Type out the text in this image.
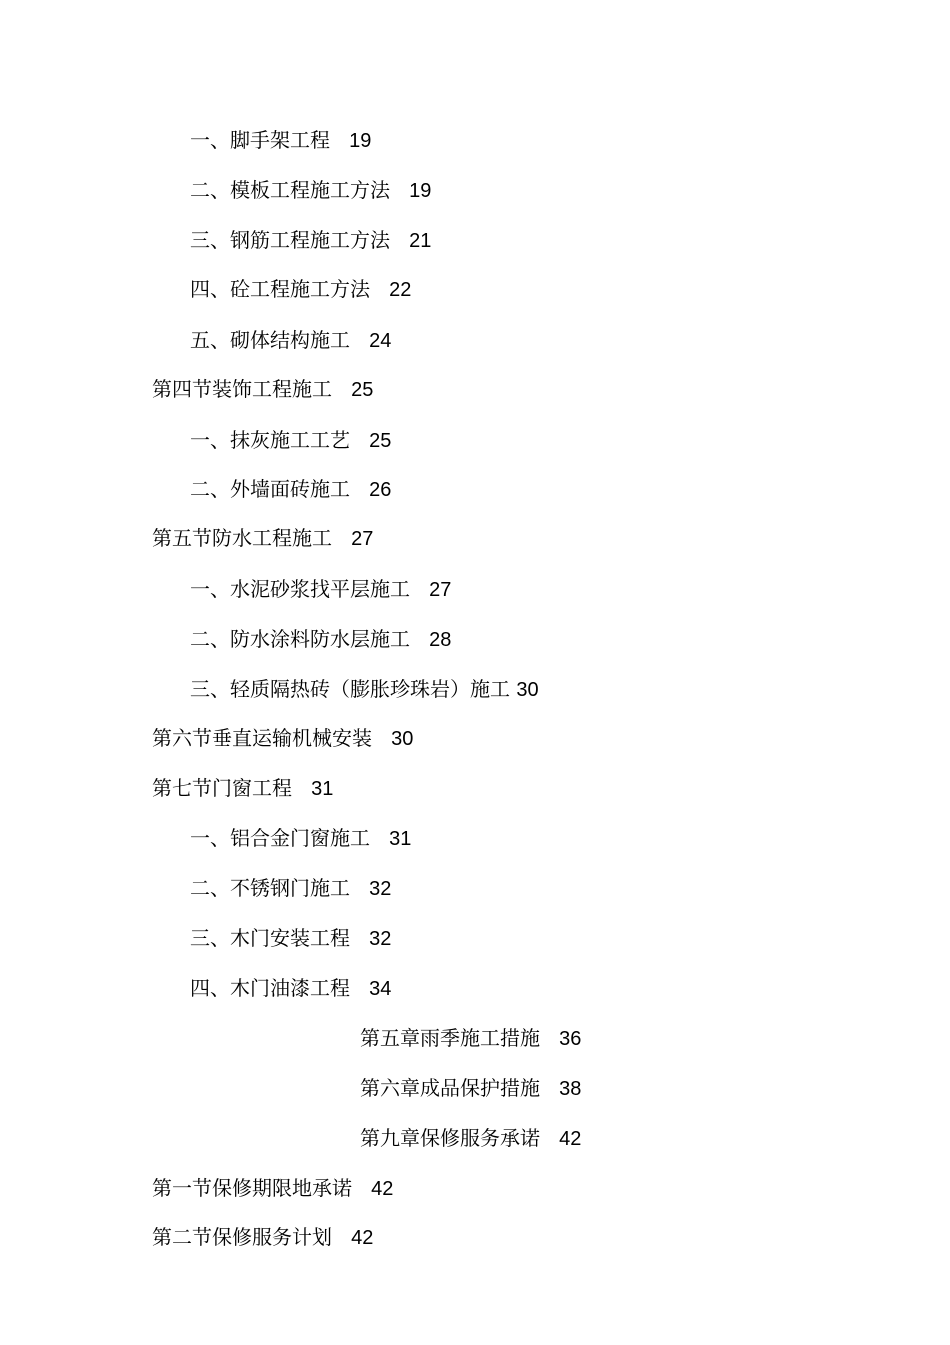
一、脚手架工程 19
二、模板工程施工方法 19
三、钢筋工程施工方法 21
四、砼工程施工方法 22
五、砌体结构施工 24
第四节装饰工程施工 25
一、抹灰施工工艺 25
二、外墙面砖施工 26
第五节防水工程施工 27
一、水泥砂浆找平层施工 27
二、防水涂料防水层施工 28
三、轻质隔热砖（膨胀珍珠岩）施工 30
第六节垂直运输机械安装 30
第七节门窗工程 31
一、铝合金门窗施工 31
二、不锈钢门施工 32
三、木门安装工程 32
四、木门油漆工程 34
第五章雨季施工措施 36
第六章成品保护措施 38
第九章保修服务承诺 42
第一节保修期限地承诺 42
第二节保修服务计划 42
